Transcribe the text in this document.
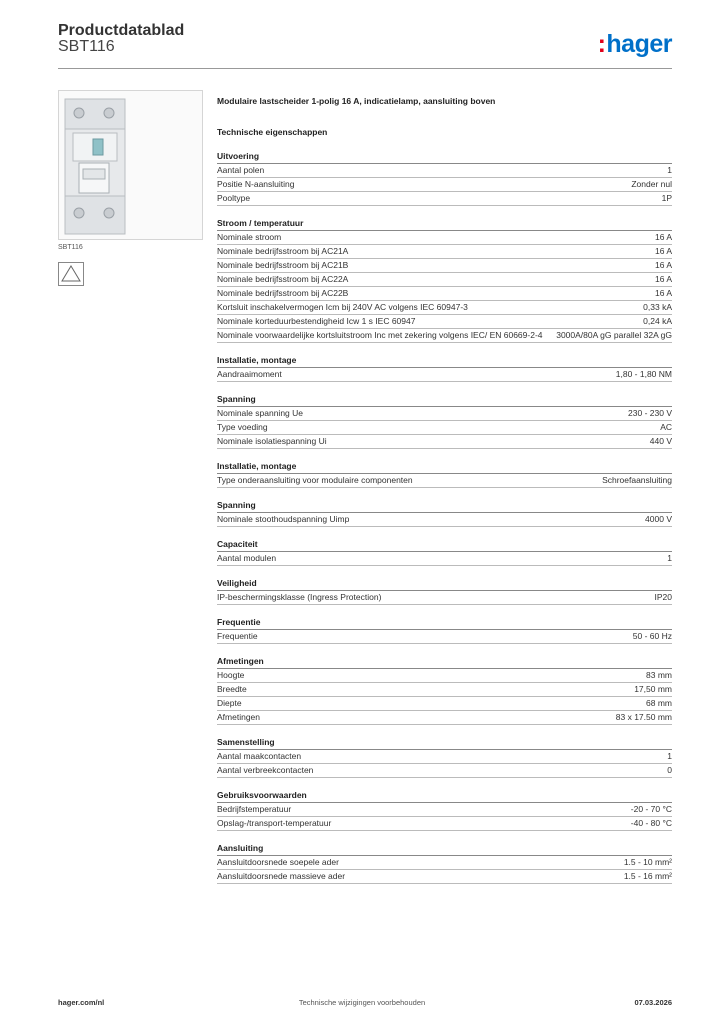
Productdatablad
SBT116	:hager
SBT116
Modulaire lastscheider 1-polig 16 A, indicatielamp, aansluiting boven
Technische eigenschappen
Uitvoering
Aantal polen	1
Positie N-aansluiting	Zonder nul
Pooltype	1P
Stroom / temperatuur
Nominale stroom	16 A
Nominale bedrijfsstroom bij AC21A	16 A
Nominale bedrijfsstroom bij AC21B	16 A
Nominale bedrijfsstroom bij AC22A	16 A
Nominale bedrijfsstroom bij AC22B	16 A
Kortsluit inschakelvermogen Icm bij 240V AC volgens IEC 60947-3	0,33 kA
Nominale korteduurbestendigheid Icw 1 s IEC 60947	0,24 kA
Nominale voorwaardelijke kortsluitstroom Inc met zekering volgens IEC/ EN 60669-2-4	3000A/80A gG parallel 32A gG
Installatie, montage
Aandraaimoment	1,80 - 1,80 NM
Spanning
Nominale spanning Ue	230 - 230 V
Type voeding	AC
Nominale isolatiespanning Ui	440 V
Installatie, montage
Type onderaansluiting voor modulaire componenten	Schroefaansluiting
Spanning
Nominale stoothoudspanning Uimp	4000 V
Capaciteit
Aantal modulen	1
Veiligheid
IP-beschermingsklasse (Ingress Protection)	IP20
Frequentie
Frequentie	50 - 60 Hz
Afmetingen
Hoogte	83 mm
Breedte	17,50 mm
Diepte	68 mm
Afmetingen	83 x 17.50 mm
Samenstelling
Aantal maakcontacten	1
Aantal verbreekcontacten	0
Gebruiksvoorwaarden
Bedrijfstemperatuur	-20 - 70 °C
Opslag-/transport-temperatuur	-40 - 80 °C
Aansluiting
Aansluitdoorsnede soepele ader	1.5 - 10 mm²
Aansluitdoorsnede massieve ader	1.5 - 16 mm²
hager.com/nl	Technische wijzigingen voorbehouden	07.03.2026
